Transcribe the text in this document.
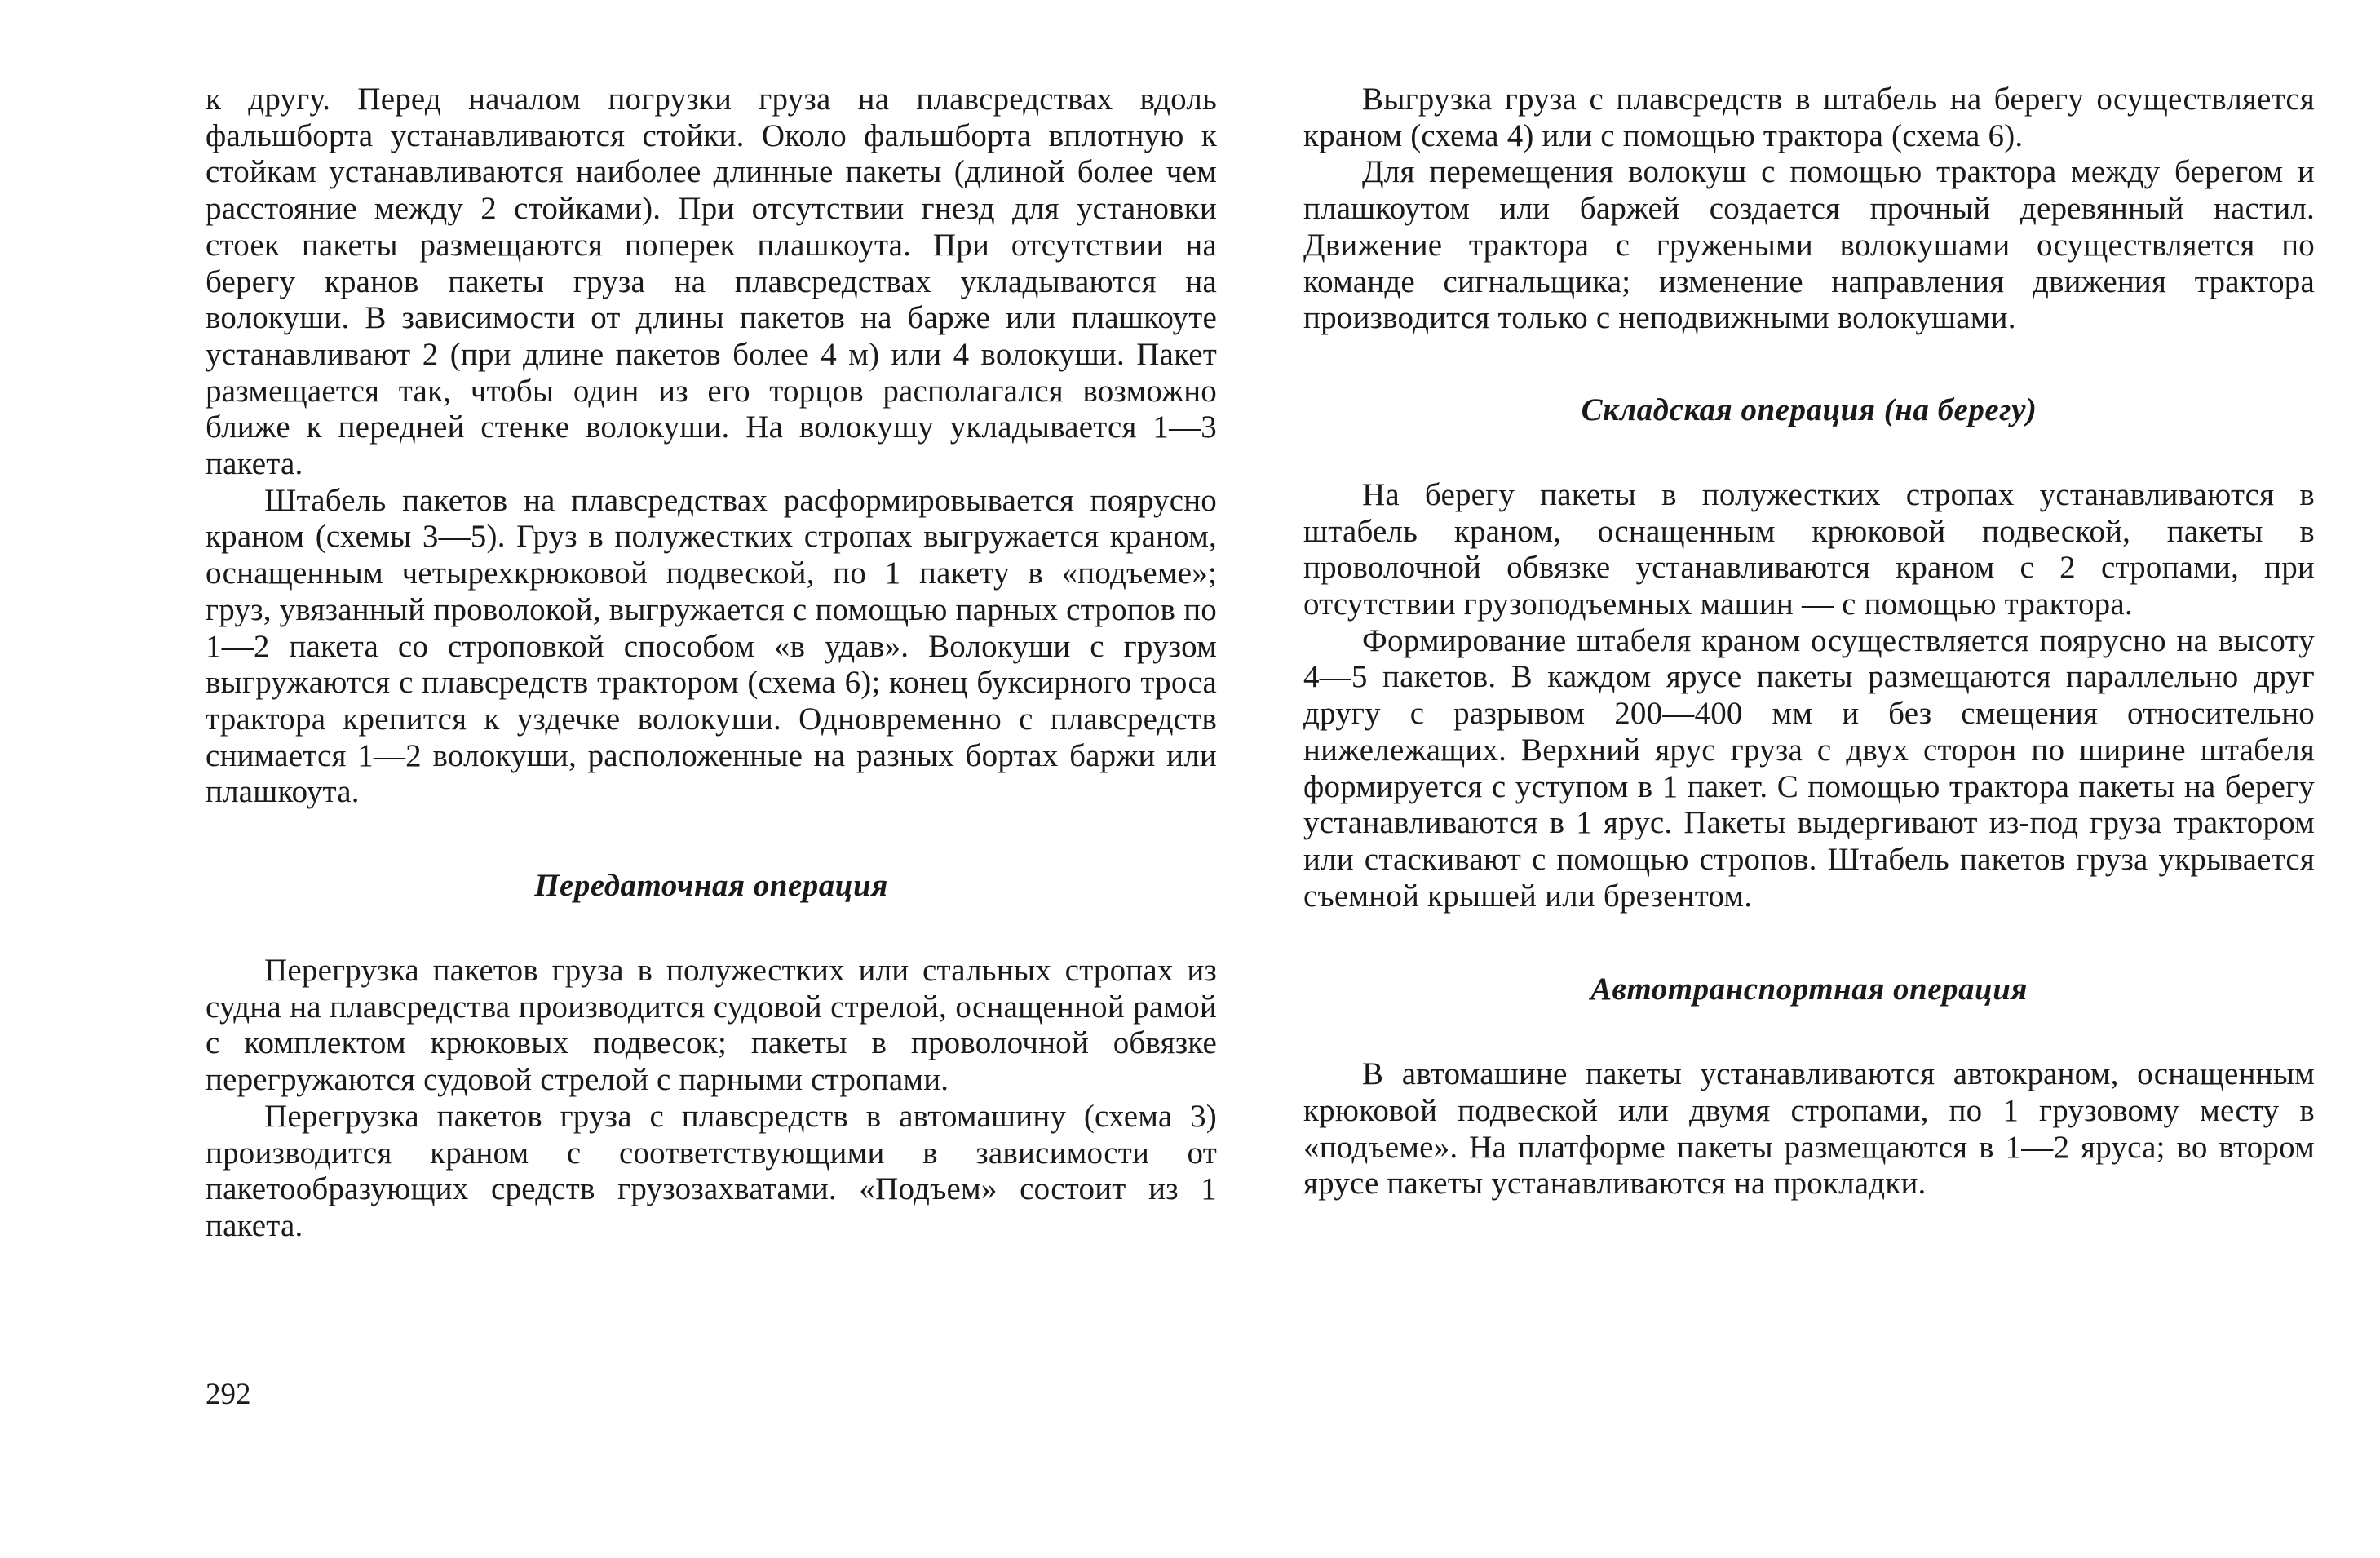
к другу. Перед началом погрузки груза на плавсредствах вдоль фальшборта устанавливаются стойки. Около фальшборта вплотную к стойкам устанавливаются наиболее длинные пакеты (длиной более чем расстояние между 2 стойками). При отсутствии гнезд для установки стоек пакеты размещаются поперек плашкоута. При отсутствии на берегу кранов пакеты груза на плавсредствах укладываются на волокуши. В зависимости от длины пакетов на барже или плашкоуте устанавливают 2 (при длине пакетов более 4 м) или 4 волокуши. Пакет размещается так, чтобы один из его торцов располагался возможно ближе к передней стенке волокуши. На волокушу укладывается 1—3 пакета.

Штабель пакетов на плавсредствах расформировывается поярусно краном (схемы 3—5). Груз в полужестких стропах выгружается краном, оснащенным четырехкрюковой подвеской, по 1 пакету в «подъеме»; груз, увязанный проволокой, выгружается с помощью парных стропов по 1—2 пакета со строповкой способом «в удав». Волокуши с грузом выгружаются с плавсредств трактором (схема 6); конец буксирного троса трактора крепится к уздечке волокуши. Одновременно с плавсредств снимается 1—2 волокуши, расположенные на разных бортах баржи или плашкоута.

Передаточная операция

Перегрузка пакетов груза в полужестких или стальных стропах из судна на плавсредства производится судовой стрелой, оснащенной рамой с комплектом крюковых подвесок; пакеты в проволочной обвязке перегружаются судовой стрелой с парными стропами.

Перегрузка пакетов груза с плавсредств в автомашину (схема 3) производится краном с соответствующими в зависимости от пакетообразующих средств грузозахватами. «Подъем» состоит из 1 пакета.

Выгрузка груза с плавсредств в штабель на берегу осуществляется краном (схема 4) или с помощью трактора (схема 6).

Для перемещения волокуш с помощью трактора между берегом и плашкоутом или баржей создается прочный деревянный настил. Движение трактора с гружеными волокушами осуществляется по команде сигнальщика; изменение направления движения трактора производится только с неподвижными волокушами.

Складская операция (на берегу)

На берегу пакеты в полужестких стропах устанавливаются в штабель краном, оснащенным крюковой подвеской, пакеты в проволочной обвязке устанавливаются краном с 2 стропами, при отсутствии грузоподъемных машин — с помощью трактора.

Формирование штабеля краном осуществляется поярусно на высоту 4—5 пакетов. В каждом ярусе пакеты размещаются параллельно друг другу с разрывом 200—400 мм и без смещения относительно нижележащих. Верхний ярус груза с двух сторон по ширине штабеля формируется с уступом в 1 пакет. С помощью трактора пакеты на берегу устанавливаются в 1 ярус. Пакеты выдергивают из-под груза трактором или стаскивают с помощью стропов. Штабель пакетов груза укрывается съемной крышей или брезентом.

Автотранспортная операция

В автомашине пакеты устанавливаются автокраном, оснащенным крюковой подвеской или двумя стропами, по 1 грузовому месту в «подъеме». На платформе пакеты размещаются в 1—2 яруса; во втором ярусе пакеты устанавливаются на прокладки.

292
